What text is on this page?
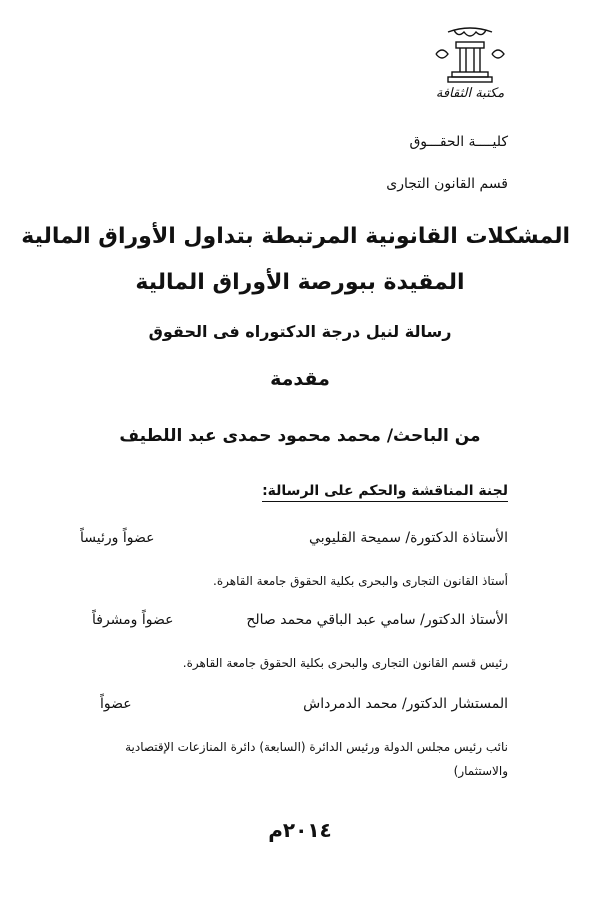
مكتبة الثقافة
كليــــة الحقـــوق
قسم القانون التجارى
المشكلات القانونية المرتبطة بتداول الأوراق المالية
المقيدة ببورصة الأوراق المالية
رسالة لنيل درجة الدكتوراه فى الحقوق
مقدمة
من الباحث/ محمد محمود حمدى عبد اللطيف
لجنة المناقشة والحكم على الرسالة:
الأستاذة الدكتورة/ سميحة القليوبي
عضواً ورئيساً
أستاذ القانون التجارى والبحرى بكلية الحقوق جامعة القاهرة.
الأستاذ الدكتور/ سامي عبد الباقي محمد صالح
عضواً ومشرفاً
رئيس قسم القانون التجارى والبحرى بكلية الحقوق جامعة القاهرة.
المستشار الدكتور/ محمد الدمرداش
عضواً
نائب رئيس مجلس الدولة ورئيس الدائرة (السابعة) دائرة المنازعات الإقتصادية
والاستثمار)
٢٠١٤م
